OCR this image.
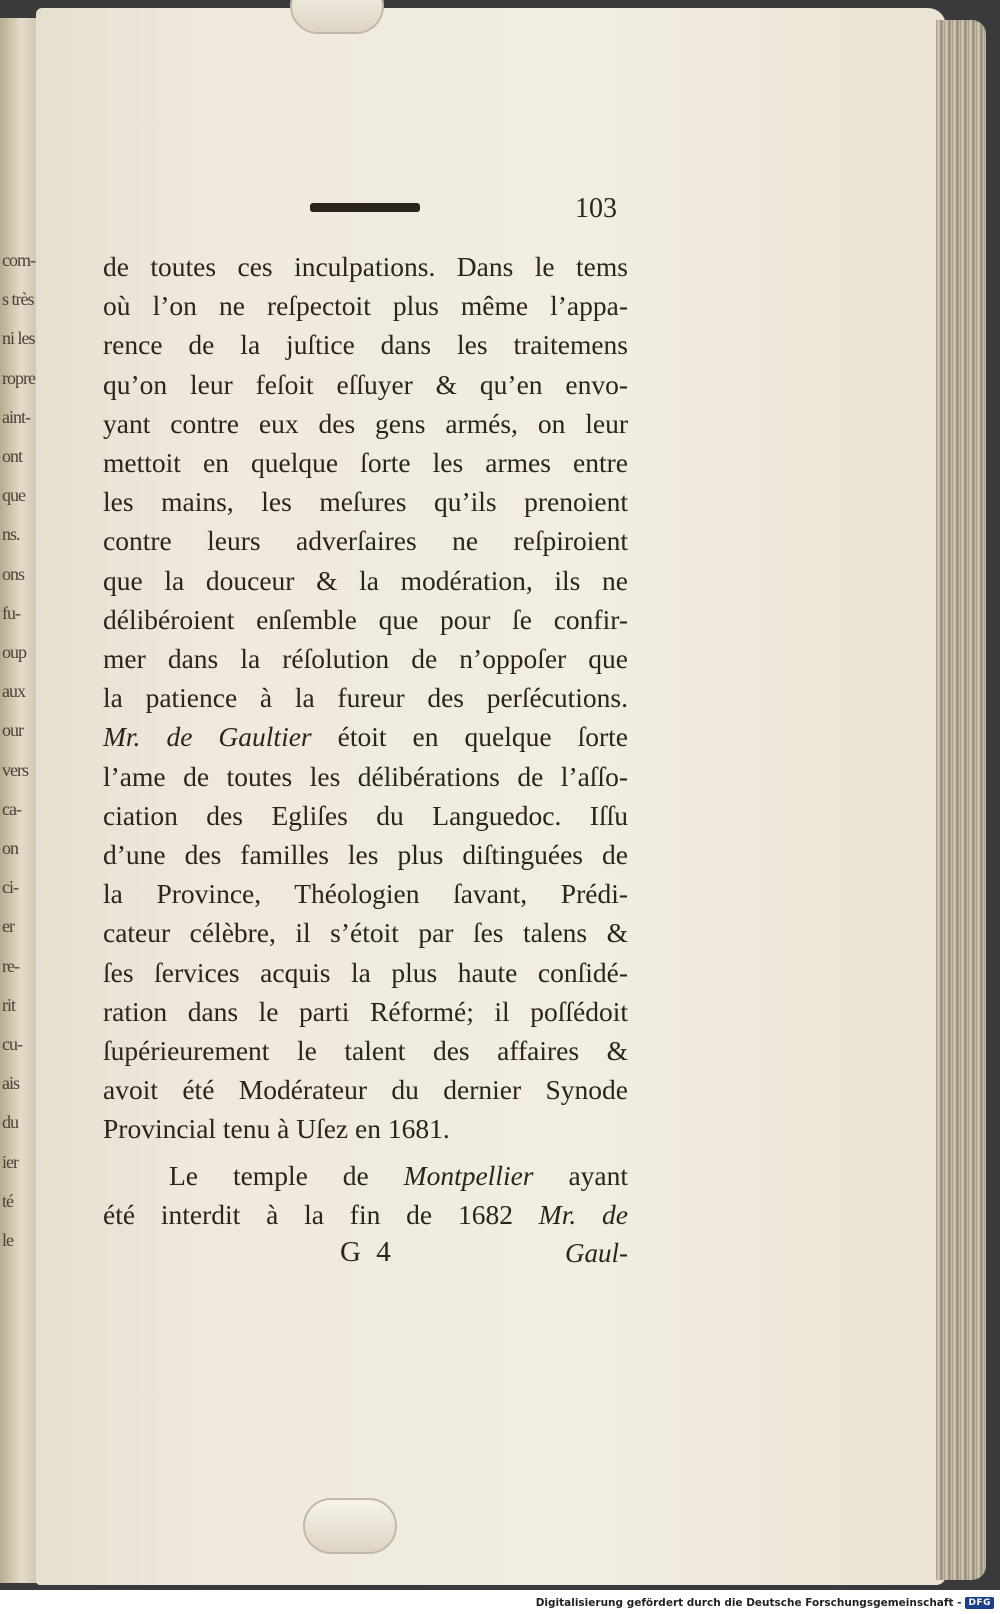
com-
s très
ni les
ropre
aint-
ont
que
ns.
ons
fu-
oup
aux
our
vers
ca-
on
ci-
er
re-
rit
cu-
ais
du
ier
té
le
103
de toutes ces inculpations. Dans le tems
où l’on ne reſpectoit plus même l’appa-
rence de la juſtice dans les traitemens
qu’on leur feſoit eſſuyer & qu’en envo-
yant contre eux des gens armés, on leur
mettoit en quelque ſorte les armes entre
les mains, les meſures qu’ils prenoient
contre leurs adverſaires ne reſpiroient
que la douceur & la modération, ils ne
délibéroient enſemble que pour ſe confir-
mer dans la réſolution de n’oppoſer que
la patience à la fureur des perſécutions.
Mr. de Gaultier étoit en quelque ſorte
l’ame de toutes les délibérations de l’aſſo-
ciation des Egliſes du Languedoc. Iſſu
d’une des familles les plus diſtinguées de
la Province, Théologien ſavant, Prédi-
cateur célèbre, il s’étoit par ſes talens &
ſes ſervices acquis la plus haute conſidé-
ration dans le parti Réformé; il poſſédoit
ſupérieurement le talent des affaires &
avoit été Modérateur du dernier Synode
Provincial tenu à Uſez en 1681.
Le temple de Montpellier ayant
été interdit à la fin de 1682 Mr. de
G 4	Gaul-
Digitalisierung gefördert durch die Deutsche Forschungsgemeinschaft - DFG
